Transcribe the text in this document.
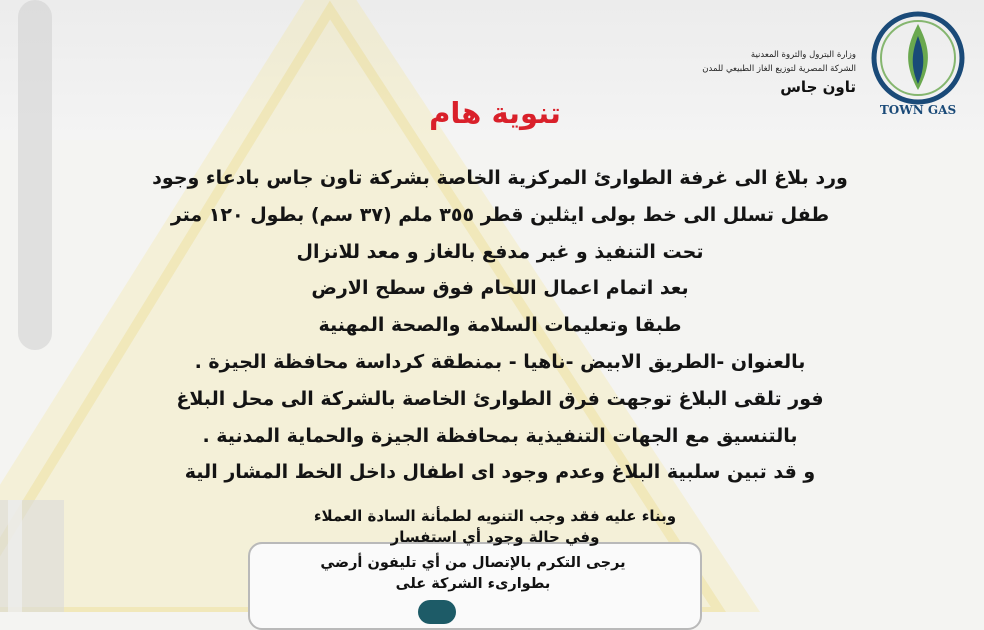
TOWN GAS
وزارة البترول والثروة المعدنية
الشركة المصرية لتوزيع الغاز الطبيعي للمدن
تاون جاس
تنوية هام
ورد بلاغ الى غرفة الطوارئ المركزية الخاصة بشركة تاون جاس بادعاء وجود
طفل تسلل الى خط بولى ايثلين قطر ٣٥٥ ملم (٣٧ سم) بطول ١٢٠ متر
تحت التنفيذ و غير مدفع بالغاز و معد للانزال
بعد اتمام اعمال اللحام فوق سطح الارض
طبقا وتعليمات السلامة والصحة المهنية
بالعنوان -الطريق الابيض -ناهيا - بمنطقة كرداسة محافظة الجيزة .
فور تلقى البلاغ توجهت فرق الطوارئ الخاصة بالشركة الى محل البلاغ
بالتنسيق مع الجهات التنفيذية بمحافظة الجيزة والحماية المدنية .
و قد تبين سلبية البلاغ وعدم وجود اى اطفال داخل الخط المشار الية
وبناء عليه فقد وجب التنويه لطمأنة السادة العملاء
وفي حالة وجود أي استفسار
يرجى التكرم بالإتصال من أي تليفون أرضي
بطوارىء الشركة على
